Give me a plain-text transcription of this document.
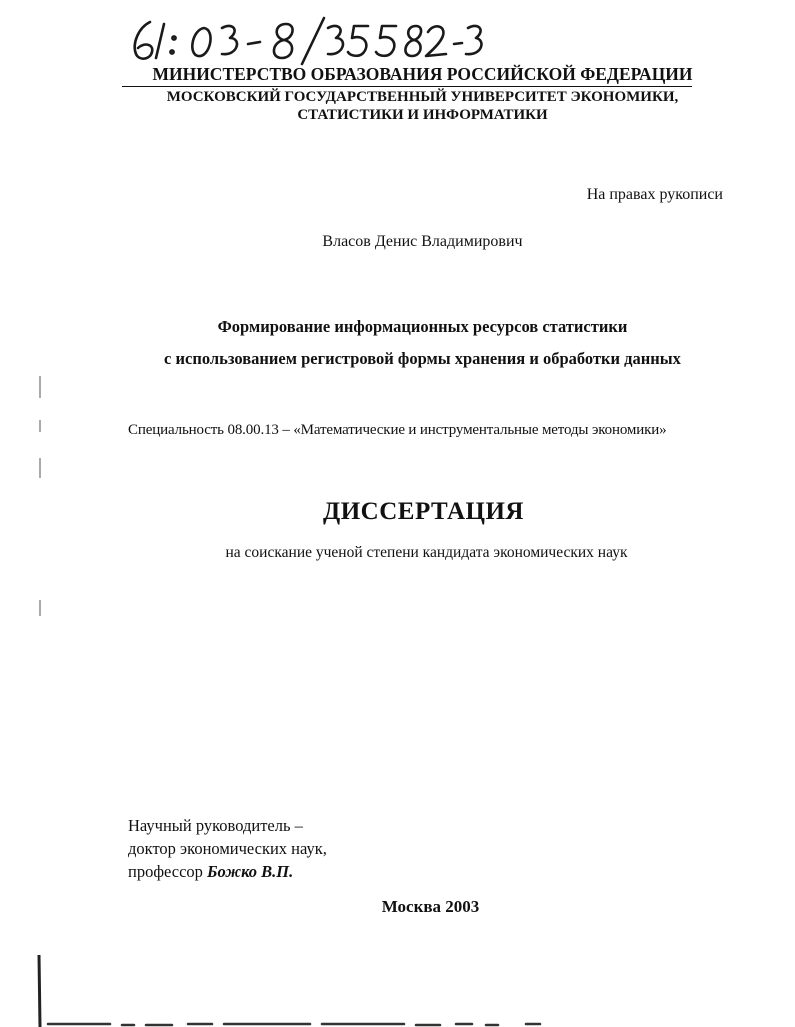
МИНИСТЕРСТВО ОБРАЗОВАНИЯ РОССИЙСКОЙ ФЕДЕРАЦИИ
МОСКОВСКИЙ ГОСУДАРСТВЕННЫЙ УНИВЕРСИТЕТ ЭКОНОМИКИ,
СТАТИСТИКИ И ИНФОРМАТИКИ
На правах рукописи
Власов Денис Владимирович
Формирование информационных ресурсов статистики
с использованием регистровой формы хранения и обработки данных
Специальность 08.00.13 – «Математические и инструментальные методы экономики»
ДИССЕРТАЦИЯ
на соискание ученой степени кандидата экономических наук
Научный руководитель –
доктор экономических наук,
профессор Божко В.П.
Москва 2003
